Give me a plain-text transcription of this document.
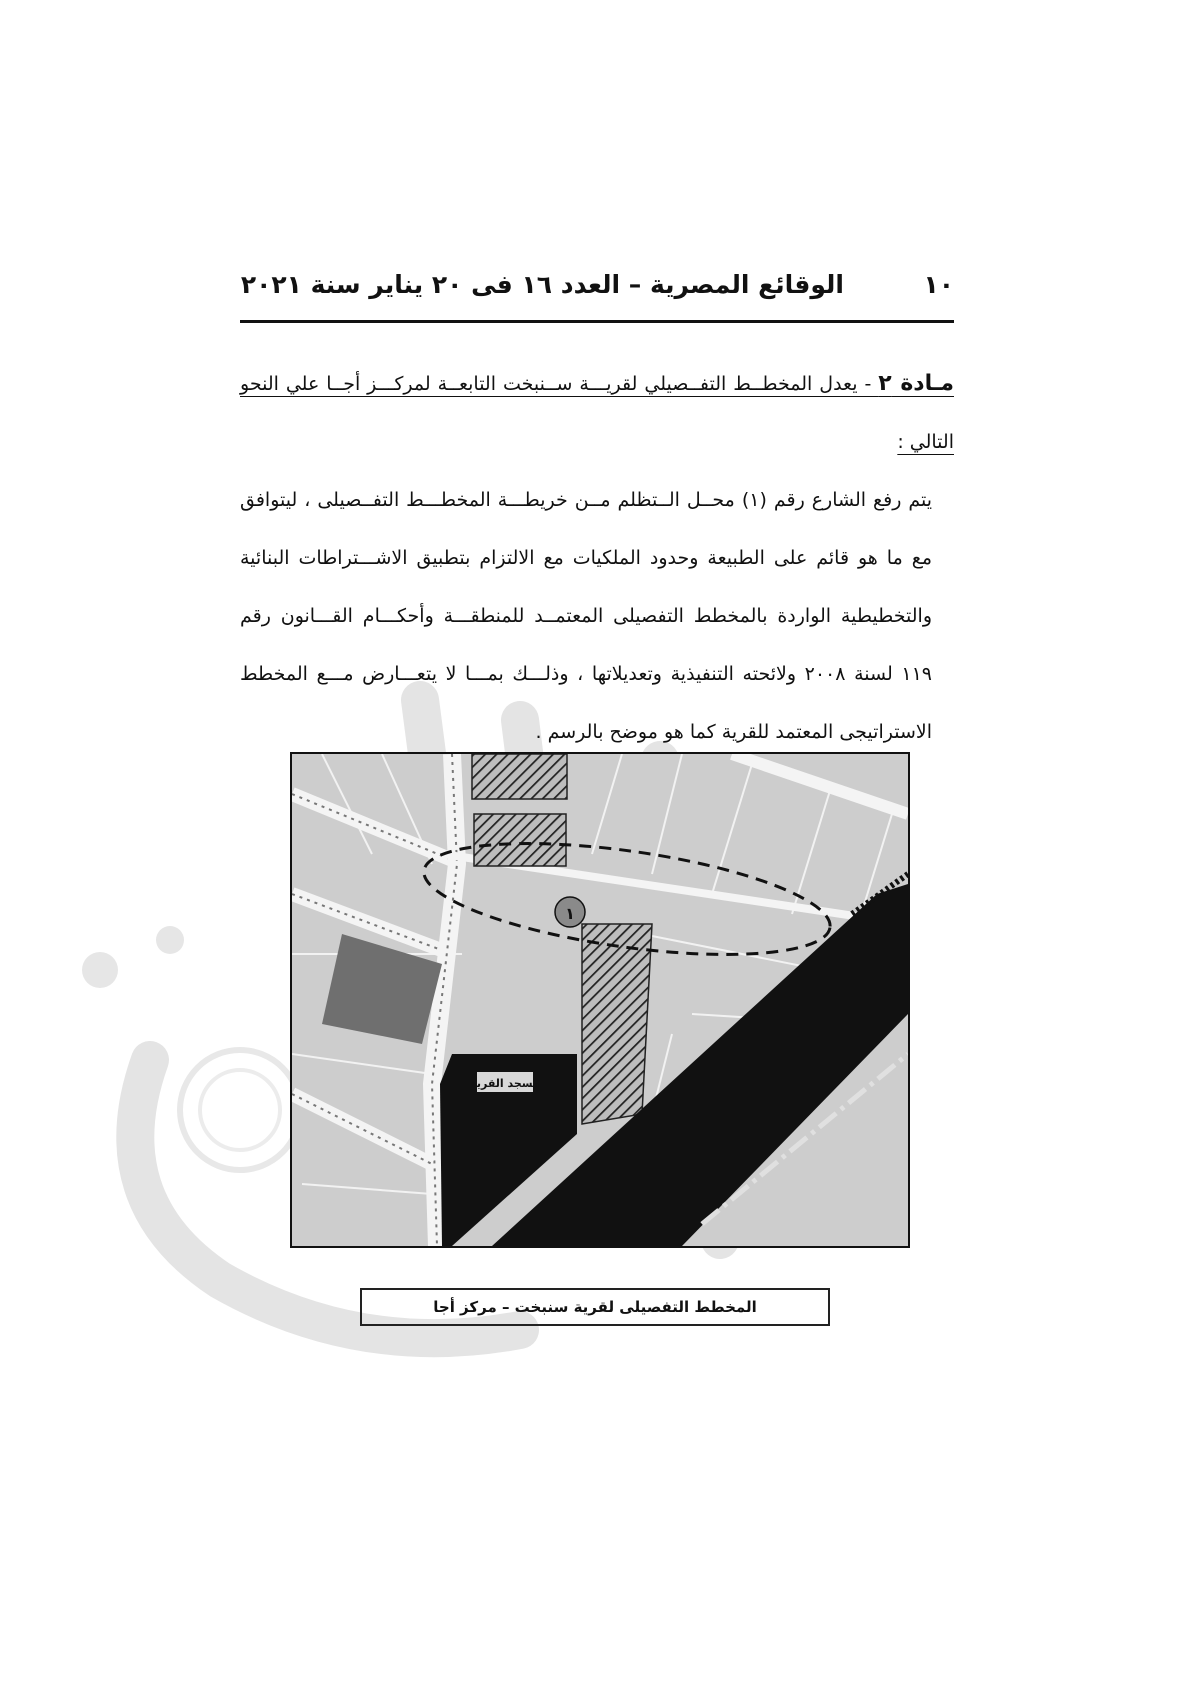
الوقائع المصرية – العدد ١٦ فى ٢٠ يناير سنة ٢٠٢١	١٠

مـادة ٢ - يعدل المخطــط التفــصيلي لقريـــة ســنبخت التابعــة لمركـــز أجــا علي النحو التالي :

يتم رفع الشارع رقم (١) محــل الــتظلم مــن خريطـــة المخطـــط التفــصيلى ، ليتوافق مع ما هو قائم على الطبيعة وحدود الملكيات مع الالتزام بتطبيق الاشـــتراطات البنائية والتخطيطية الواردة بالمخطط التفصيلى المعتمــد للمنطقـــة وأحكـــام القـــانون رقم ١١٩ لسنة ٢٠٠٨ ولائحته التنفيذية وتعديلاتها ، وذلـــك بمـــا لا يتعـــارض مـــع المخطط الاستراتيجى المعتمد للقرية كما هو موضح بالرسم .

مسجد القرية
١
المخطط التفصيلى لقرية سنبخت – مركز أجا
